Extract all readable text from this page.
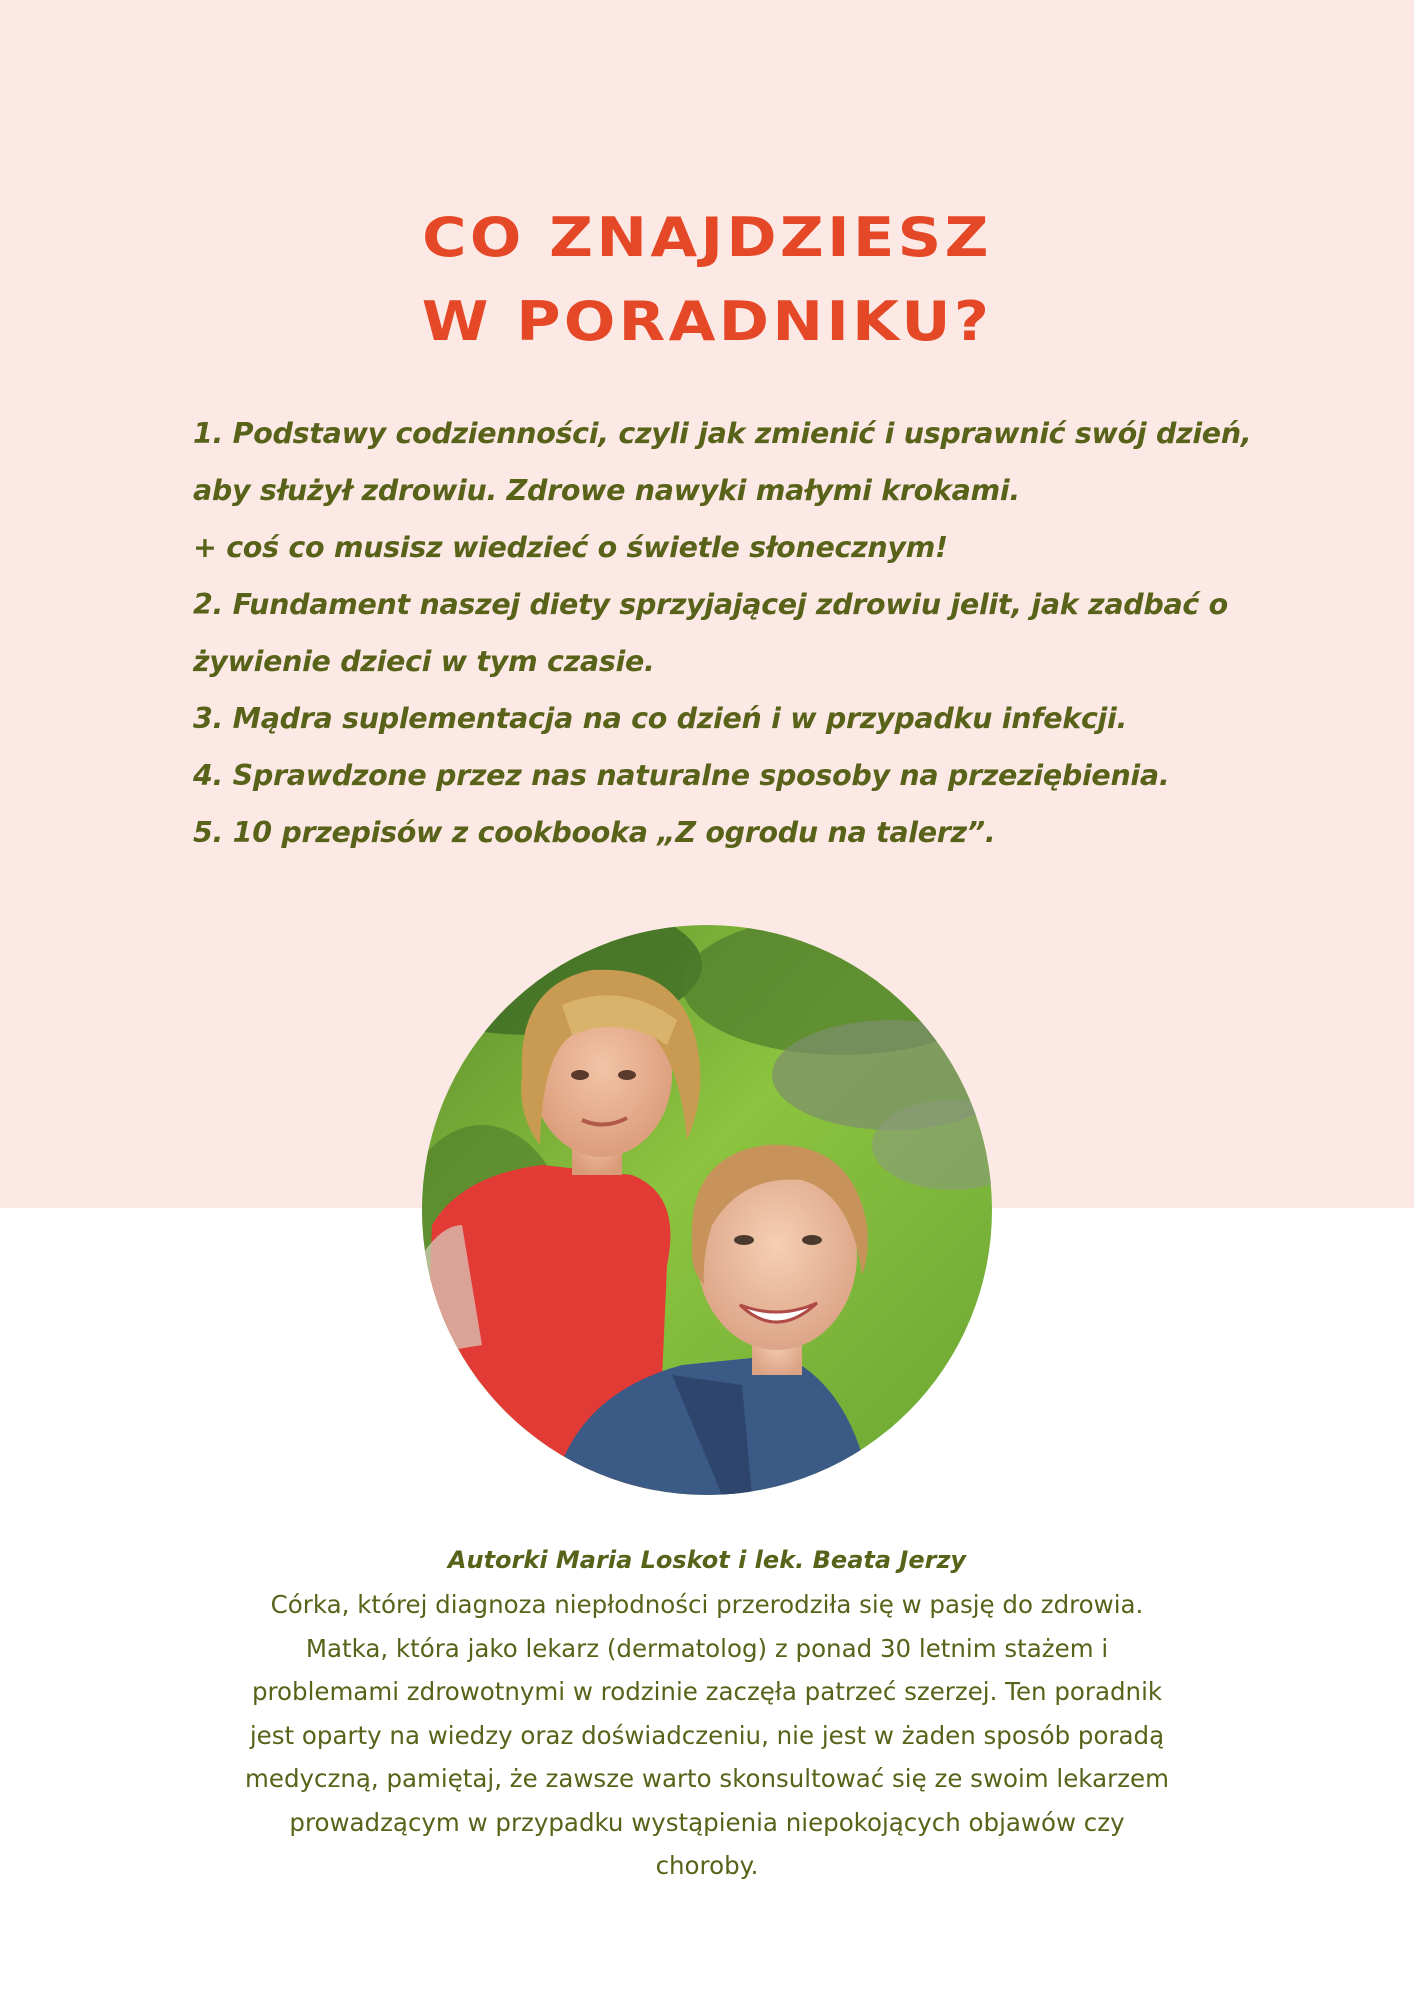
CO ZNAJDZIESZ
W PORADNIKU?
1. Podstawy codzienności, czyli jak zmienić i usprawnić swój dzień,
aby służył zdrowiu. Zdrowe nawyki małymi krokami.
+ coś co musisz wiedzieć o świetle słonecznym!
2. Fundament naszej diety sprzyjającej zdrowiu jelit, jak zadbać o
żywienie dzieci w tym czasie.
3. Mądra suplementacja na co dzień i w przypadku infekcji.
4. Sprawdzone przez nas naturalne sposoby na przeziębienia.
5. 10 przepisów z cookbooka „Z ogrodu na talerz”.

Autorki Maria Loskot i lek. Beata Jerzy

Córka, której diagnoza niepłodności przerodziła się w pasję do zdrowia.
Matka, która jako lekarz (dermatolog) z ponad 30 letnim stażem i
problemami zdrowotnymi w rodzinie zaczęła patrzeć szerzej. Ten poradnik
jest oparty na wiedzy oraz doświadczeniu, nie jest w żaden sposób poradą
medyczną, pamiętaj, że zawsze warto skonsultować się ze swoim lekarzem
prowadzącym w przypadku wystąpienia niepokojących objawów czy
choroby.
